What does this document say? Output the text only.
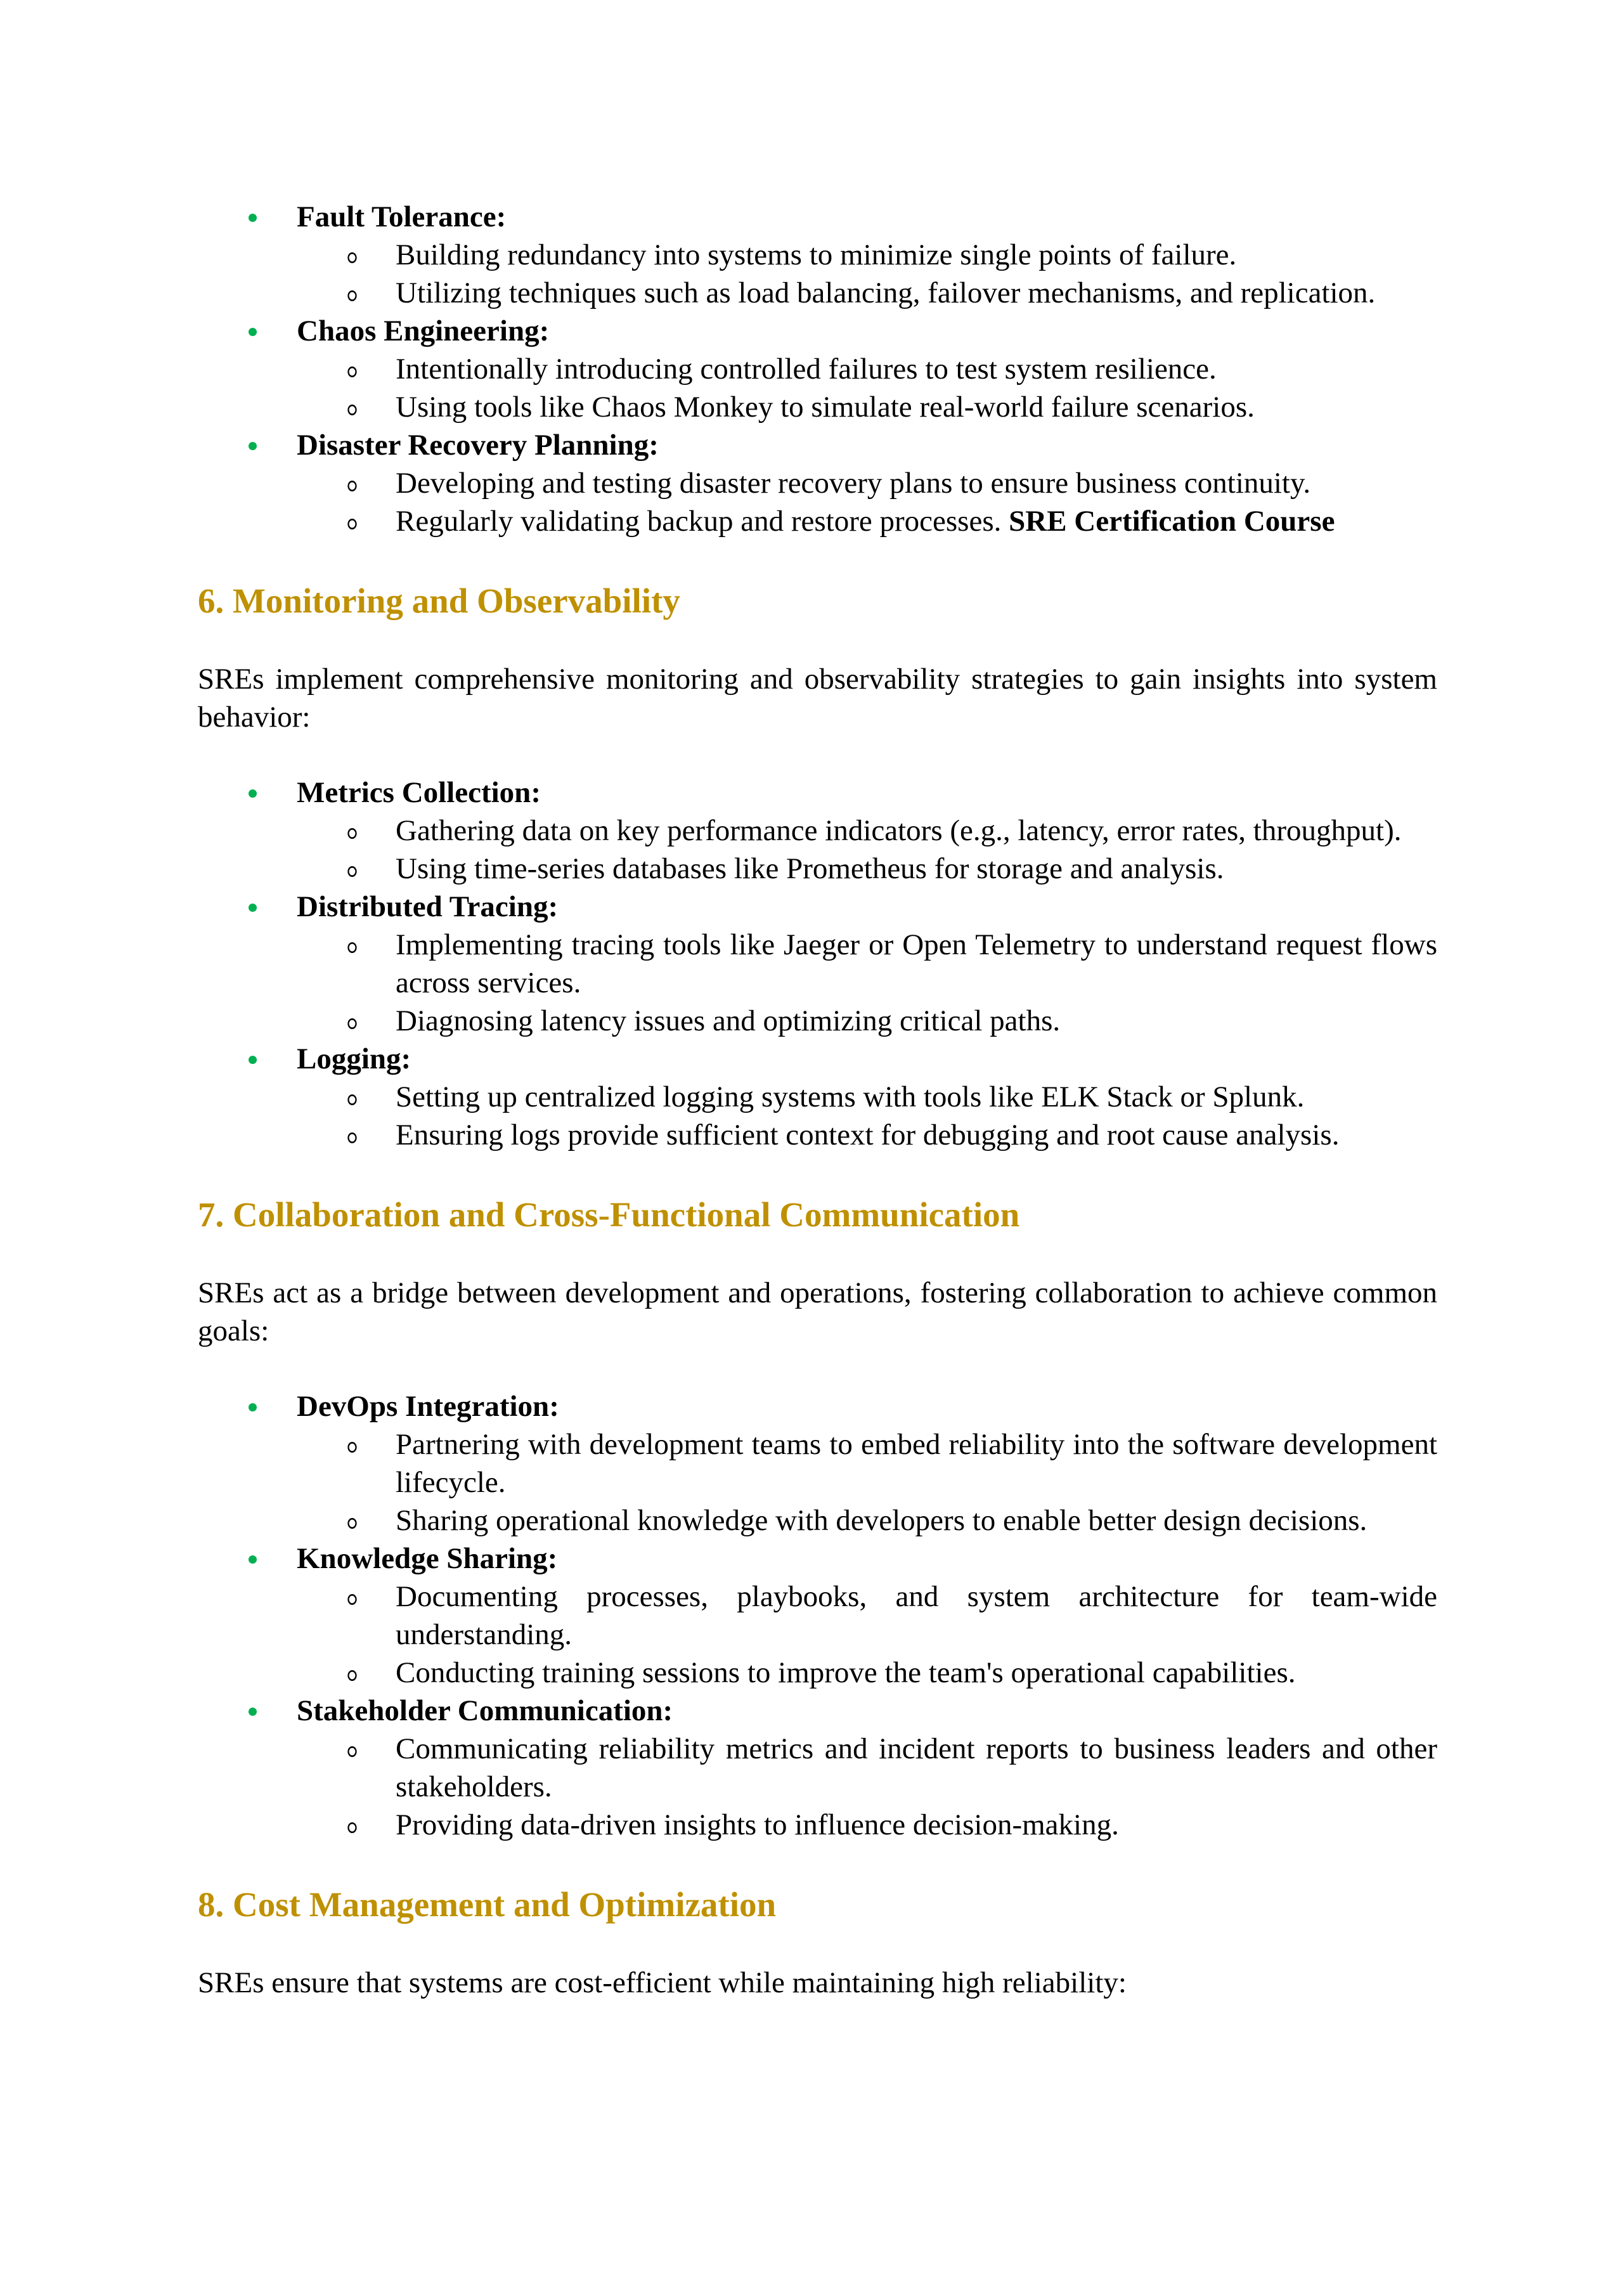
Fault Tolerance:
Building redundancy into systems to minimize single points of failure.
Utilizing techniques such as load balancing, failover mechanisms, and replication.
Chaos Engineering:
Intentionally introducing controlled failures to test system resilience.
Using tools like Chaos Monkey to simulate real-world failure scenarios.
Disaster Recovery Planning:
Developing and testing disaster recovery plans to ensure business continuity.
Regularly validating backup and restore processes. SRE Certification Course
6. Monitoring and Observability

SREs implement comprehensive monitoring and observability strategies to gain insights into system behavior:

Metrics Collection:
Gathering data on key performance indicators (e.g., latency, error rates, throughput).
Using time-series databases like Prometheus for storage and analysis.
Distributed Tracing:
Implementing tracing tools like Jaeger or Open Telemetry to understand request flows across services.
Diagnosing latency issues and optimizing critical paths.
Logging:
Setting up centralized logging systems with tools like ELK Stack or Splunk.
Ensuring logs provide sufficient context for debugging and root cause analysis.
7. Collaboration and Cross-Functional Communication

SREs act as a bridge between development and operations, fostering collaboration to achieve common goals:

DevOps Integration:
Partnering with development teams to embed reliability into the software development lifecycle.
Sharing operational knowledge with developers to enable better design decisions.
Knowledge Sharing:
Documenting processes, playbooks, and system architecture for team-wide understanding.
Conducting training sessions to improve the team's operational capabilities.
Stakeholder Communication:
Communicating reliability metrics and incident reports to business leaders and other stakeholders.
Providing data-driven insights to influence decision-making.
8. Cost Management and Optimization

SREs ensure that systems are cost-efficient while maintaining high reliability:
